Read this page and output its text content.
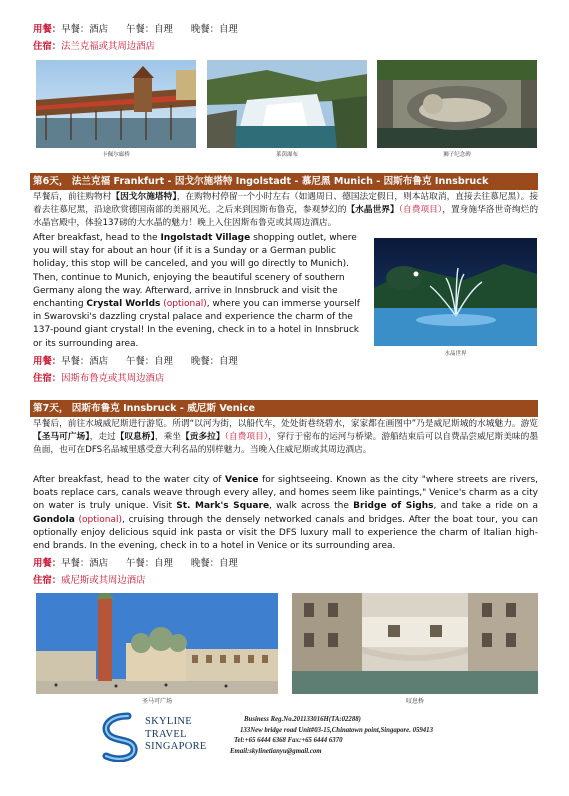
用餐：早餐：酒店 午餐：自理 晚餐：自理
住宿：法兰克福或其周边酒店
卡佩尔廊桥	莱茵瀑布	狮子纪念碑
第6天， 法兰克福 Frankfurt - 因戈尔施塔特 Ingolstadt - 慕尼黑 Munich - 因斯布鲁克 Innsbruck
早餐后，前往购物村【因戈尔施塔特】，在购物村停留一个小时左右（如遇周日、德国法定假日，则本站取消，直接去往慕尼黑）。接着去往慕尼黑，沿途欣赏德国南部的美丽风光。之后来到因斯布鲁克，参观梦幻的【水晶世界】（自费项目），置身施华洛世奇绚烂的水晶宫殿中，体验137磅的大水晶的魅力！晚上入住因斯布鲁克或其周边酒店。
After breakfast, head to the Ingolstadt Village shopping outlet, where you will stay for about an hour (if it is a Sunday or a German public holiday, this stop will be canceled, and you will go directly to Munich). Then, continue to Munich, enjoying the beautiful scenery of southern Germany along the way. Afterward, arrive in Innsbruck and visit the enchanting Crystal Worlds (optional), where you can immerse yourself in Swarovski's dazzling crystal palace and experience the charm of the 137-pound giant crystal! In the evening, check in to a hotel in Innsbruck or its surrounding area.
水晶世界
用餐：早餐：酒店 午餐：自理 晚餐：自理
住宿：因斯布鲁克或其周边酒店
第7天， 因斯布鲁克 Innsbruck - 威尼斯 Venice
早餐后，前往水城威尼斯进行游览。所谓“以河为街，以船代车，处处街巷绕碧水，家家都在画图中”乃是威尼斯城的水城魅力。游览【圣马可广场】，走过【叹息桥】，乘坐【贡多拉】（自费项目），穿行于密布的运河与桥梁。游船结束后可以自费品尝威尼斯美味的墨鱼面，也可在DFS名品城里感受意大利名品的别样魅力。当晚入住威尼斯或其周边酒店。
After breakfast, head to the water city of Venice for sightseeing. Known as the city "where streets are rivers, boats replace cars, canals weave through every alley, and homes seem like paintings," Venice's charm as a city on water is truly unique. Visit St. Mark's Square, walk across the Bridge of Sighs, and take a ride on a Gondola (optional), cruising through the densely networked canals and bridges. After the boat tour, you can optionally enjoy delicious squid ink pasta or visit the DFS luxury mall to experience the charm of Italian high-end brands. In the evening, check in to a hotel in Venice or its surrounding area.
用餐：早餐：酒店 午餐：自理 晚餐：自理
住宿：威尼斯或其周边酒店
圣马可广场	叹息桥
SKYLINE
TRAVEL
SINGAPORE
Business Reg.No.201133016H(TA:02288)
133New bridge road Unit#03-15,Chinatown point,Singapore. 059413
Tel:+65 6444 6368 Fax:+65 6444 6370
Email:skylinetianyu@gmail.com
